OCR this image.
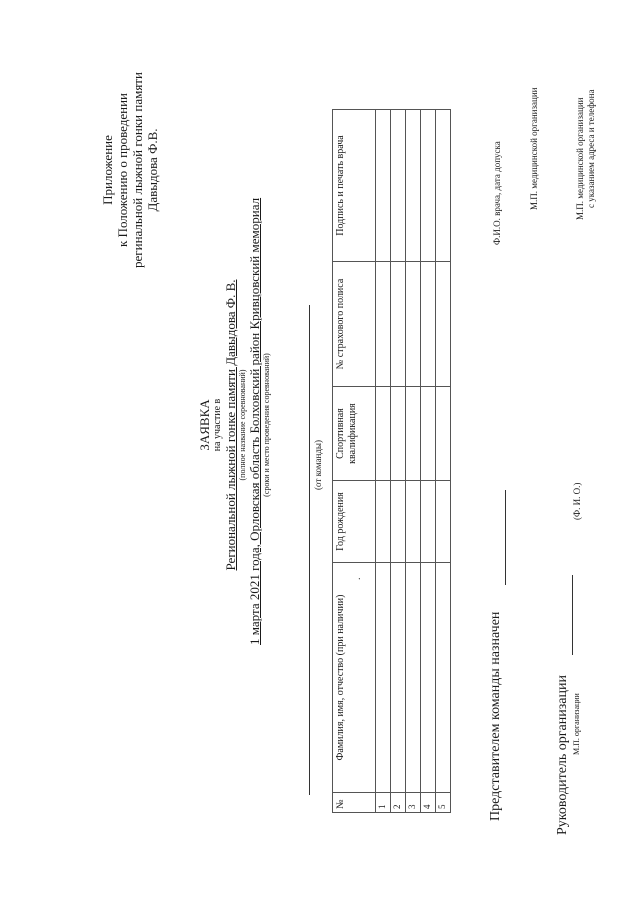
Приложение к Положению о проведении регинальной лыжной гонки памяти Давыдова Ф.В.
ЗАЯВКА на участие в Региональной лыжной гонке памяти Давыдова Ф. В. (полное название соревнований) 1 марта 2021 года, Орловская область Болховский район Кривцовский мемориал (сроки и место проведения соревнований)	(от команды)
№	Фамилия, имя, отчество (при наличии)	Год рождения	Спортивная квалификация	№ страхового полиса	Подпись и печать врача
1					
2					
3					
4					
5					
.
Ф.И.О. врача, дата допуска	М.П. медицинской организации
Представителем команды назначен	Руководитель организации М.П. организации
(Ф. И. О.)
М.П. медицинской организации с указанием адреса и телефона
